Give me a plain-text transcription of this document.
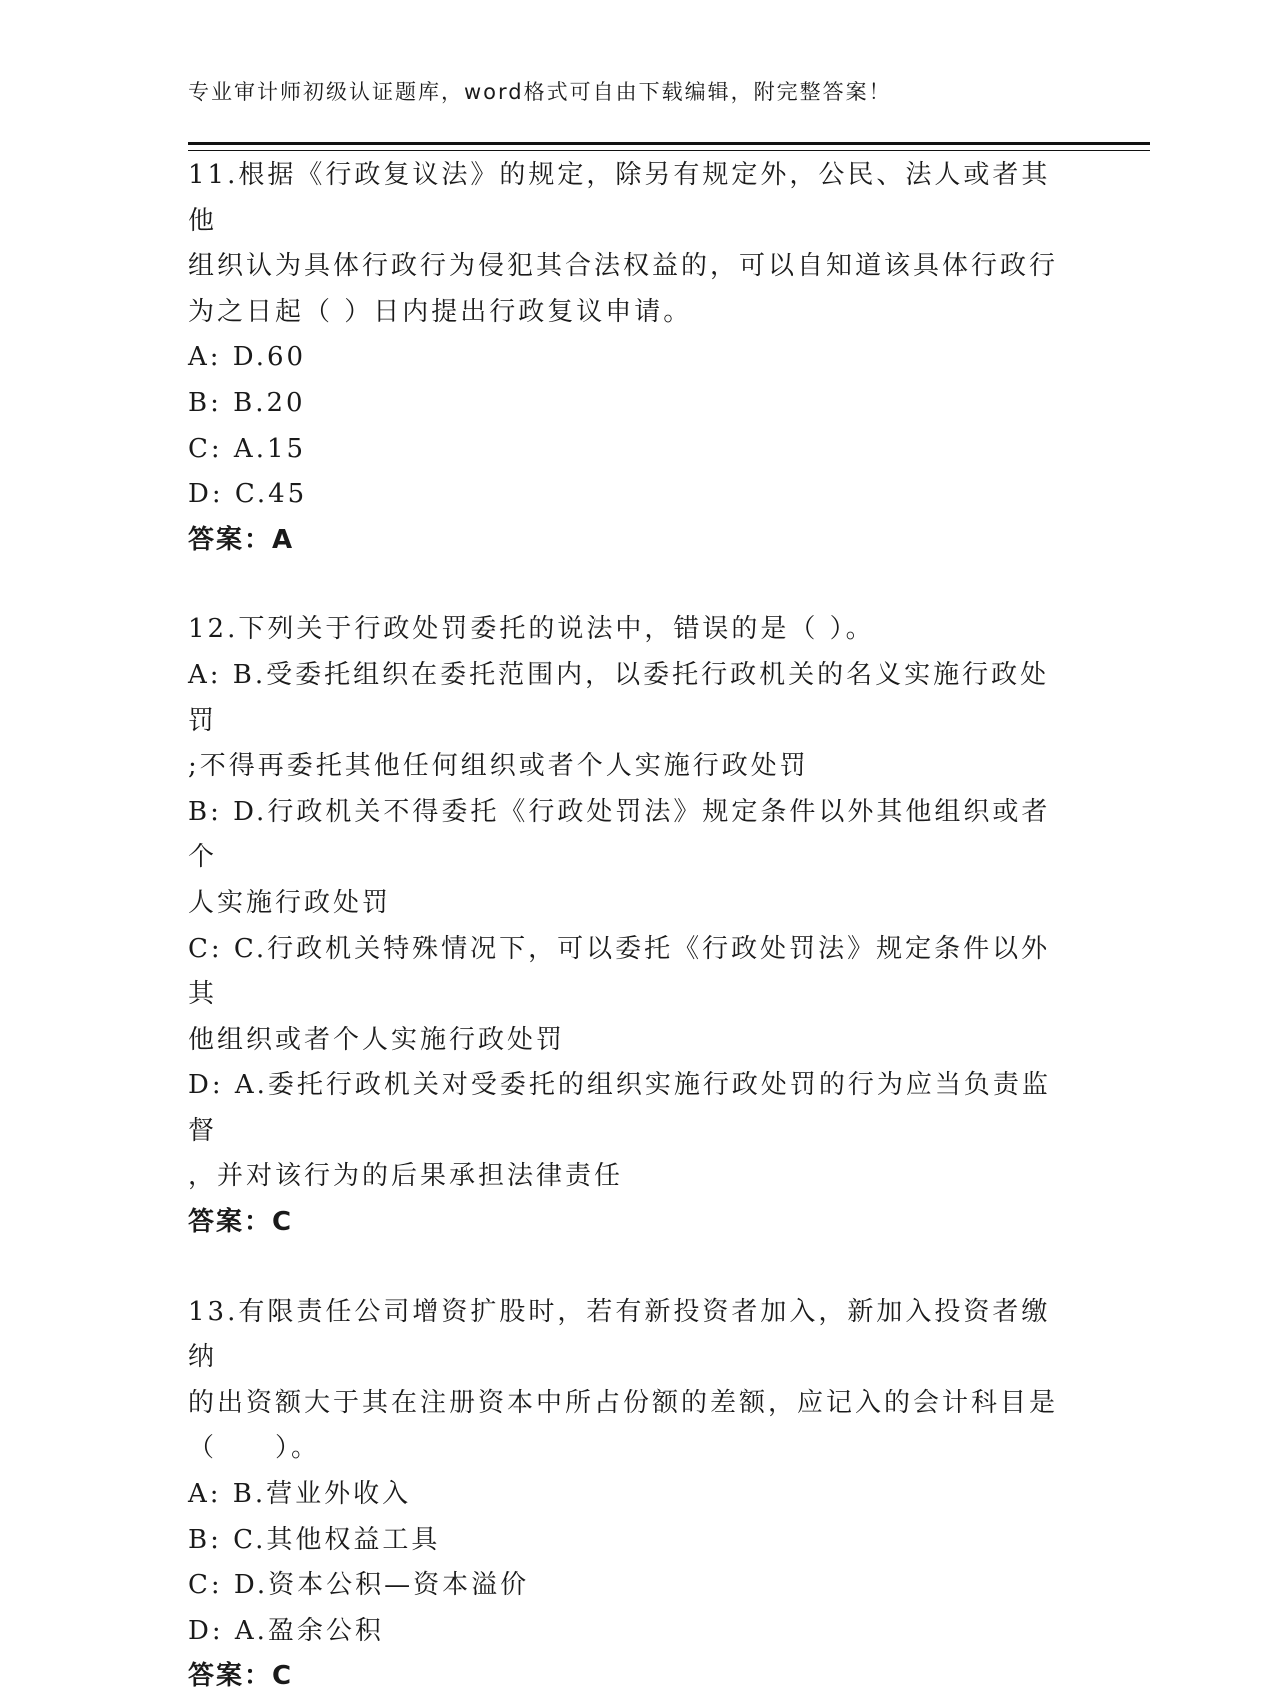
专业审计师初级认证题库，word格式可自由下载编辑，附完整答案！
11.根据《行政复议法》的规定，除另有规定外，公民、法人或者其他
组织认为具体行政行为侵犯其合法权益的，可以自知道该具体行政行
为之日起（ ）日内提出行政复议申请。
A: D.60
B: B.20
C: A.15
D: C.45
答案：A
12.下列关于行政处罚委托的说法中，错误的是（ ）。
A: B.受委托组织在委托范围内，以委托行政机关的名义实施行政处罚
;不得再委托其他任何组织或者个人实施行政处罚
B: D.行政机关不得委托《行政处罚法》规定条件以外其他组织或者个
人实施行政处罚
C: C.行政机关特殊情况下，可以委托《行政处罚法》规定条件以外其
他组织或者个人实施行政处罚
D: A.委托行政机关对受委托的组织实施行政处罚的行为应当负责监督
，并对该行为的后果承担法律责任
答案：C
13.有限责任公司增资扩股时，若有新投资者加入，新加入投资者缴纳
的出资额大于其在注册资本中所占份额的差额，应记入的会计科目是
（　　）。
A: B.营业外收入
B: C.其他权益工具
C: D.资本公积—资本溢价
D: A.盈余公积
答案：C
